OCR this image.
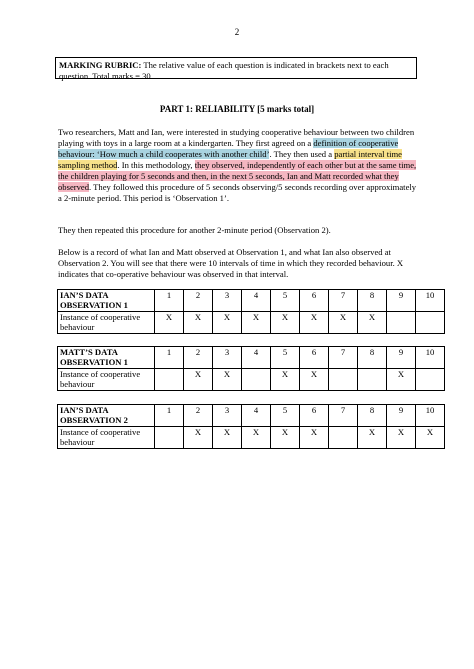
2
MARKING RUBRIC: The relative value of each question is indicated in brackets next to each question. Total marks = 30.
PART 1: RELIABILITY [5 marks total]

Two researchers, Matt and Ian, were interested in studying cooperative behaviour between two children playing with toys in a large room at a kindergarten. They first agreed on a definition of cooperative behaviour: ‘How much a child cooperates with another child’. They then used a partial interval time sampling method. In this methodology, they observed, independently of each other but at the same time, the children playing for 5 seconds and then, in the next 5 seconds, Ian and Matt recorded what they observed. They followed this procedure of 5 seconds observing/5 seconds recording over approximately a 2-minute period. This period is ‘Observation 1’.

They then repeated this procedure for another 2-minute period (Observation 2).

Below is a record of what Ian and Matt observed at Observation 1, and what Ian also observed at Observation 2. You will see that there were 10 intervals of time in which they recorded behaviour. X indicates that co-operative behaviour was observed in that interval.

IAN’S DATA OBSERVATION 1	1	2	3	4	5	6	7	8	9	10
Instance of cooperative behaviour	X	X	X	X	X	X	X	X		
MATT’S DATA OBSERVATION 1	1	2	3	4	5	6	7	8	9	10
Instance of cooperative behaviour		X	X		X	X			X	
IAN’S DATA OBSERVATION 2	1	2	3	4	5	6	7	8	9	10
Instance of cooperative behaviour		X	X	X	X	X		X	X	X
